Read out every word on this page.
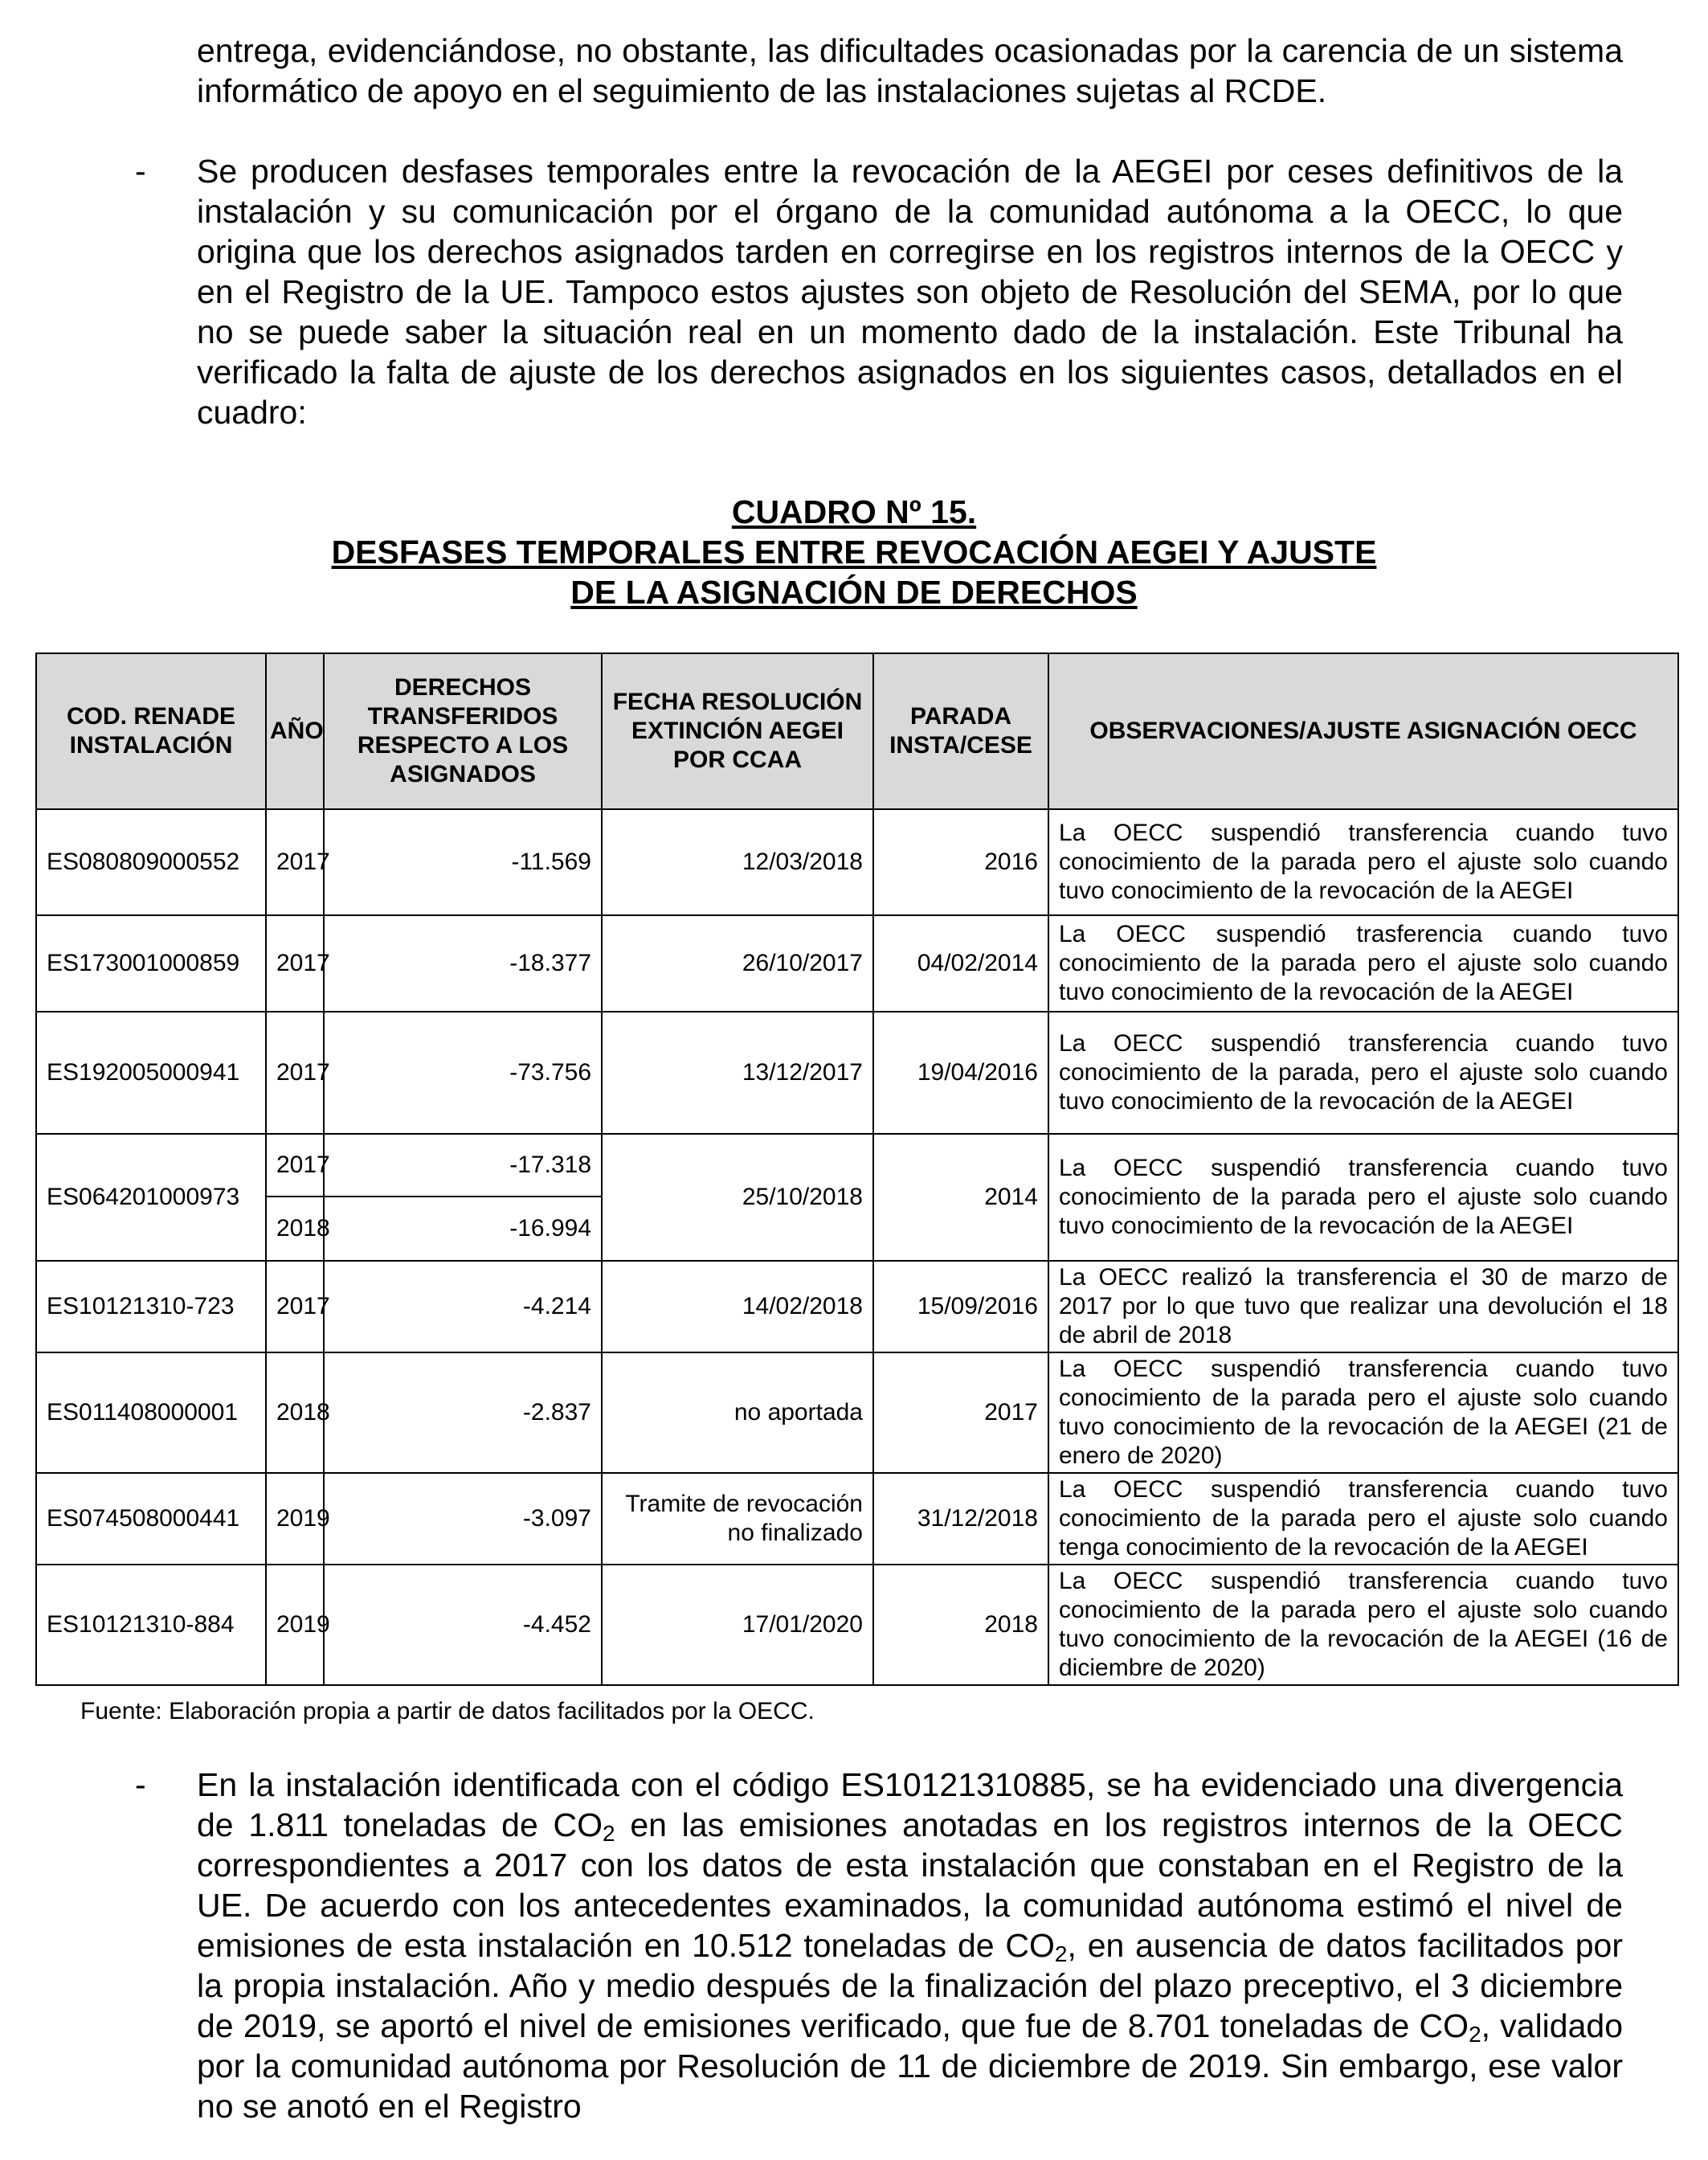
entrega, evidenciándose, no obstante, las dificultades ocasionadas por la carencia de un sistema informático de apoyo en el seguimiento de las instalaciones sujetas al RCDE.

- Se producen desfases temporales entre la revocación de la AEGEI por ceses definitivos de la instalación y su comunicación por el órgano de la comunidad autónoma a la OECC, lo que origina que los derechos asignados tarden en corregirse en los registros internos de la OECC y en el Registro de la UE. Tampoco estos ajustes son objeto de Resolución del SEMA, por lo que no se puede saber la situación real en un momento dado de la instalación. Este Tribunal ha verificado la falta de ajuste de los derechos asignados en los siguientes casos, detallados en el cuadro:

CUADRO Nº 15.
DESFASES TEMPORALES ENTRE REVOCACIÓN AEGEI Y AJUSTE
DE LA ASIGNACIÓN DE DERECHOS
COD. RENADE INSTALACIÓN	AÑO	DERECHOS TRANSFERIDOS RESPECTO A LOS ASIGNADOS	FECHA RESOLUCIÓN EXTINCIÓN AEGEI POR CCAA	PARADA INSTA/CESE	OBSERVACIONES/AJUSTE ASIGNACIÓN OECC
ES080809000552	2017	-11.569	12/03/2018	2016	La OECC suspendió transferencia cuando tuvo conocimiento de la parada pero el ajuste solo cuando tuvo conocimiento de la revocación de la AEGEI
ES173001000859	2017	-18.377	26/10/2017	04/02/2014	La OECC suspendió trasferencia cuando tuvo conocimiento de la parada pero el ajuste solo cuando tuvo conocimiento de la revocación de la AEGEI
ES192005000941	2017	-73.756	13/12/2017	19/04/2016	La OECC suspendió transferencia cuando tuvo conocimiento de la parada, pero el ajuste solo cuando tuvo conocimiento de la revocación de la AEGEI
ES064201000973	2017	-17.318	25/10/2018	2014	La OECC suspendió transferencia cuando tuvo conocimiento de la parada pero el ajuste solo cuando tuvo conocimiento de la revocación de la AEGEI
	2018	-16.994			
ES10121310-723	2017	-4.214	14/02/2018	15/09/2016	La OECC realizó la transferencia el 30 de marzo de 2017 por lo que tuvo que realizar una devolución el 18 de abril de 2018
ES011408000001	2018	-2.837	no aportada	2017	La OECC suspendió transferencia cuando tuvo conocimiento de la parada pero el ajuste solo cuando tuvo conocimiento de la revocación de la AEGEI (21 de enero de 2020)
ES074508000441	2019	-3.097	Tramite de revocación no finalizado	31/12/2018	La OECC suspendió transferencia cuando tuvo conocimiento de la parada pero el ajuste solo cuando tenga conocimiento de la revocación de la AEGEI
ES10121310-884	2019	-4.452	17/01/2020	2018	La OECC suspendió transferencia cuando tuvo conocimiento de la parada pero el ajuste solo cuando tuvo conocimiento de la revocación de la AEGEI (16 de diciembre de 2020)
Fuente: Elaboración propia a partir de datos facilitados por la OECC.
- En la instalación identificada con el código ES10121310885, se ha evidenciado una divergencia de 1.811 toneladas de $CO_2$ en las emisiones anotadas en los registros internos de la OECC correspondientes a 2017 con los datos de esta instalación que constaban en el Registro de la UE. De acuerdo con los antecedentes examinados, la comunidad autónoma estimó el nivel de emisiones de esta instalación en 10.512 toneladas de $CO_2$, en ausencia de datos facilitados por la propia instalación. Año y medio después de la finalización del plazo preceptivo, el 3 diciembre de 2019, se aportó el nivel de emisiones verificado, que fue de 8.701 toneladas de $CO_2$, validado por la comunidad autónoma por Resolución de 11 de diciembre de 2019. Sin embargo, ese valor no se anotó en el Registro
